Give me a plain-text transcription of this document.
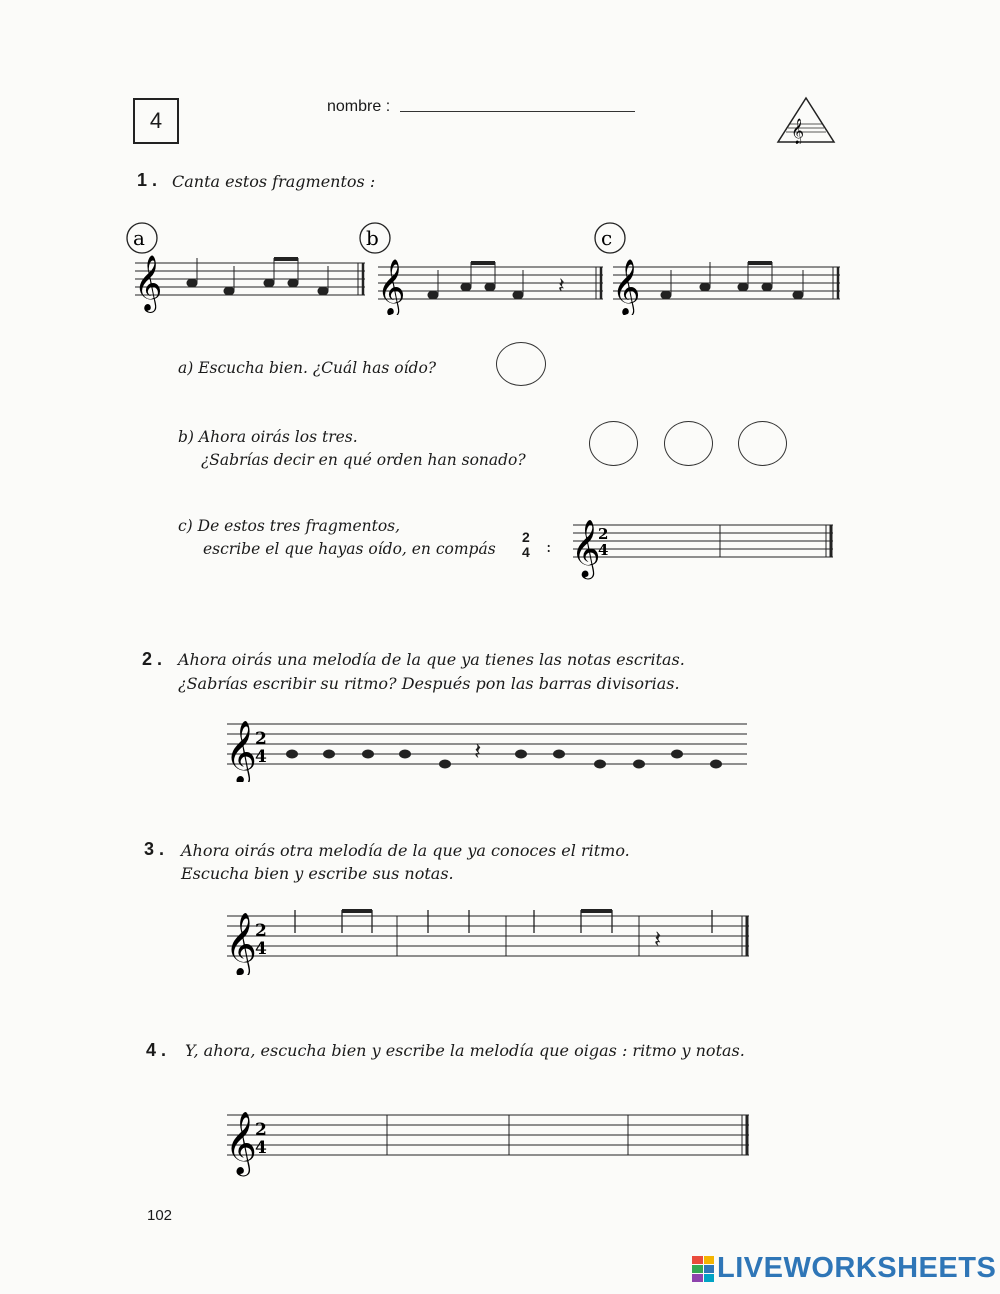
4
nombre :
𝄞
1 . Canta estos fragmentos :
a	b	c
𝄞	𝄞	𝄽 𝄞
a) Escucha bien. ¿Cuál has oído?
b) Ahora oirás los tres.
¿Sabrías decir en qué orden han sonado?
c) De estos tres fragmentos,
escribe el que hayas oído, en compás
2
4 : 𝄞
2
4
2 . Ahora oirás una melodía de la que ya tienes las notas escritas.
¿Sabrías escribir su ritmo? Después pon las barras divisorias.
𝄞
2
4	𝄽
3 . Ahora oirás otra melodía de la que ya conoces el ritmo.
Escucha bien y escribe sus notas.
𝄞
2
4	𝄽
4 . Y, ahora, escucha bien y escribe la melodía que oigas : ritmo y notas.
𝄞
2
4
102
LIVEWORKSHEETS
